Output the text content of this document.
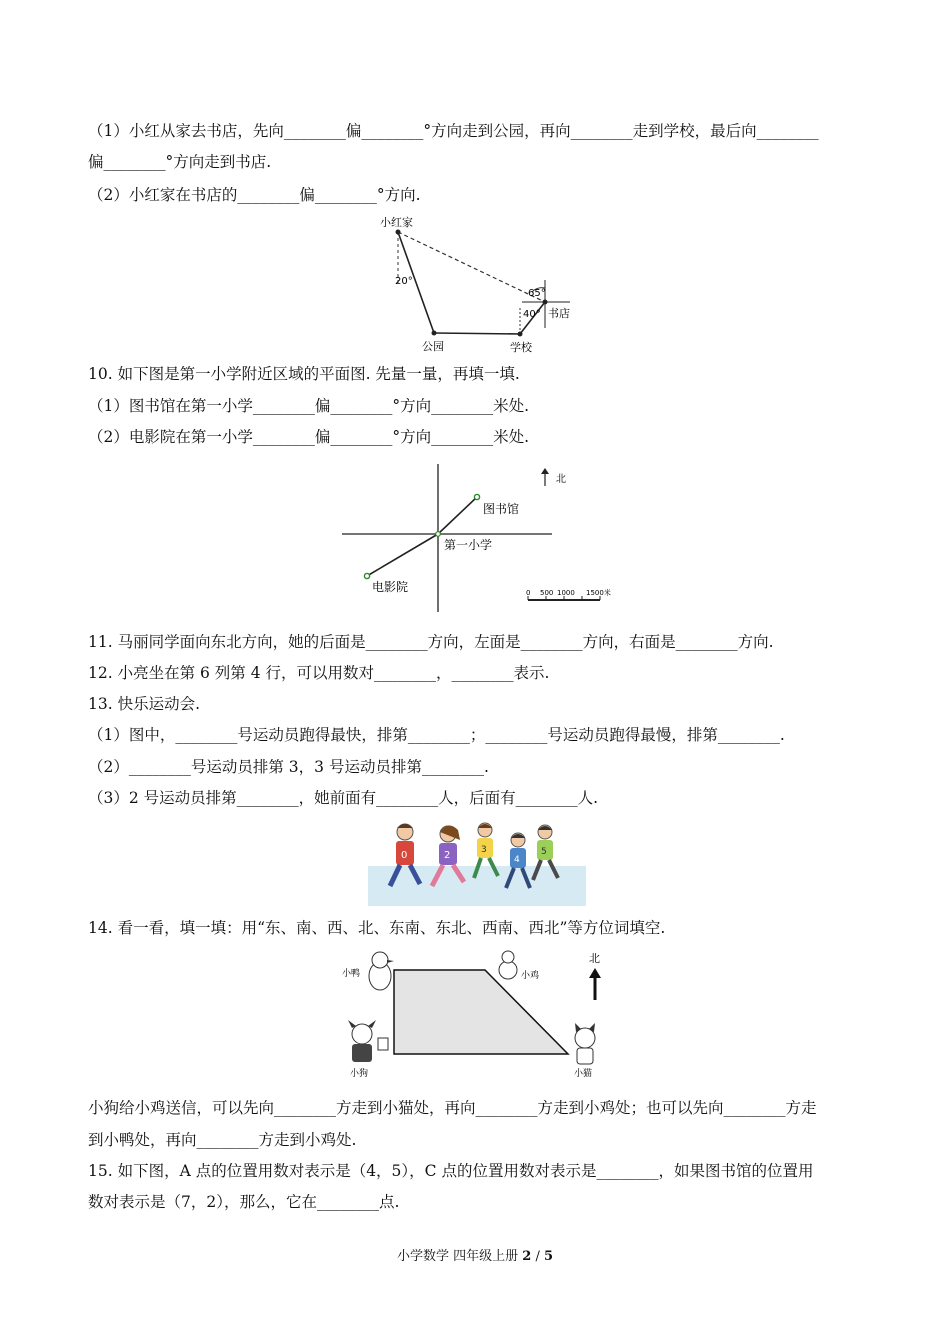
（1）小红从家去书店，先向________偏________°方向走到公园，再向________走到学校，最后向________
偏________°方向走到书店.
（2）小红家在书店的________偏________°方向.
小红家
20°
65°
40° 书店
公园	学校
10. 如下图是第一小学附近区域的平面图. 先量一量，再填一填.
（1）图书馆在第一小学________偏________°方向________米处.
（2）电影院在第一小学________偏________°方向________米处.
北
图书馆
第一小学
电影院	0 500 1000 1500米
11. 马丽同学面向东北方向，她的后面是________方向，左面是________方向，右面是________方向.
12. 小亮坐在第 6 列第 4 行，可以用数对________，________表示.
13. 快乐运动会.
（1）图中，________号运动员跑得最快，排第________；________号运动员跑得最慢，排第________.
（2）________号运动员排第 3，3 号运动员排第________.
（3）2 号运动员排第________，她前面有________人，后面有________人.
0	2	3
4
5
14. 看一看，填一填：用“东、南、西、北、东南、东北、西南、西北”等方位词填空.
小鸭	小鸡
小狗	小猫
北
小狗给小鸡送信，可以先向________方走到小猫处，再向________方走到小鸡处；也可以先向________方走
到小鸭处，再向________方走到小鸡处.
15. 如下图，A 点的位置用数对表示是（4，5），C 点的位置用数对表示是________，如果图书馆的位置用
数对表示是（7，2），那么，它在________点.
小学数学 四年级上册 2 / 5
